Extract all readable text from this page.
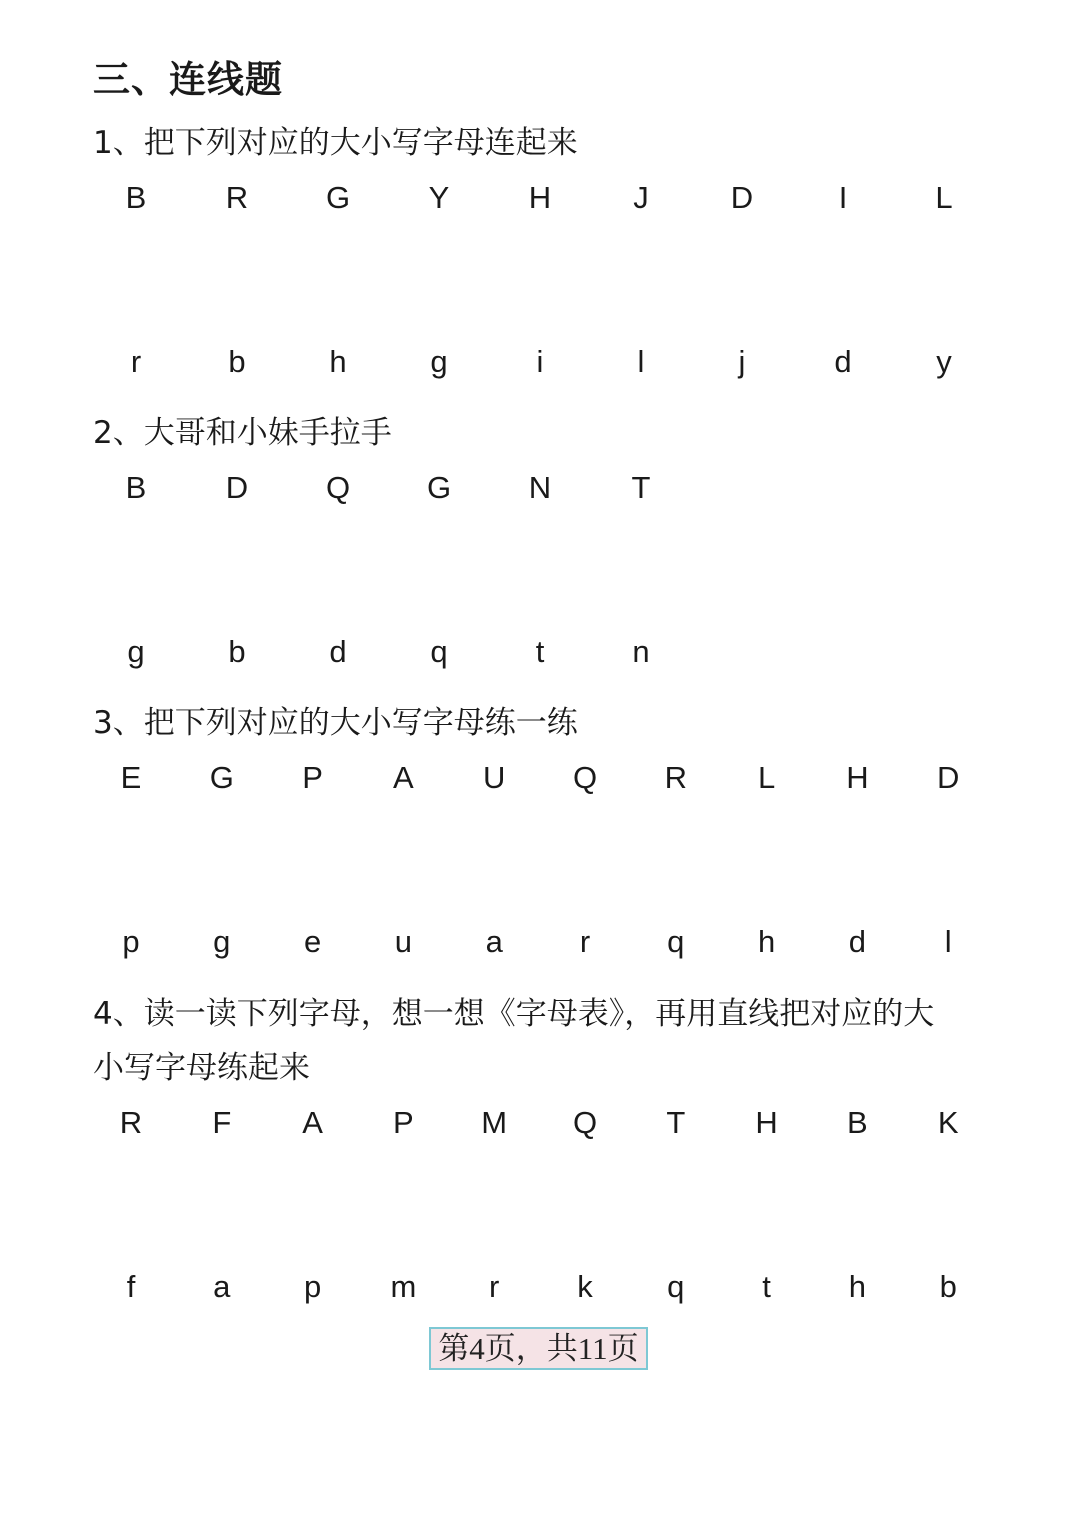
三、连线题
1、把下列对应的大小写字母连起来
B	R	G	Y	H	J	D	I	L
r	b	h	g	i	l	j	d	y
2、大哥和小妹手拉手
B	D	Q	G	N	T
g	b	d	q	t	n
3、把下列对应的大小写字母练一练
E	G	P	A	U	Q	R	L	H	D
p	g	e	u	a	r	q	h	d	l
4、读一读下列字母，想一想《字母表》，再用直线把对应的大
小写字母练起来
R	F	A	P	M	Q	T	H	B	K
f	a	p	m	r	k	q	t	h	b
第4页，共11页
